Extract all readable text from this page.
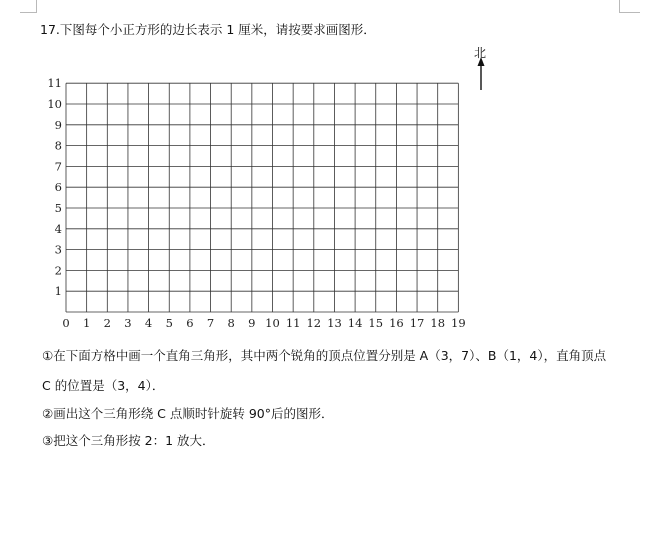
17.下图每个小正方形的边长表示 1 厘米，请按要求画图形．
北
0 1 2 3 4 5 6 7 8 9 10 11 12 13 14 15 16 17 18 19
1
2
3
4
5
6
7
8
9
10
11
①在下面方格中画一个直角三角形，其中两个锐角的顶点位置分别是 A（3，7）、B（1，4），直角顶点
C 的位置是（3，4）．
②画出这个三角形绕 C 点顺时针旋转 90°后的图形．
③把这个三角形按 2：1 放大．
